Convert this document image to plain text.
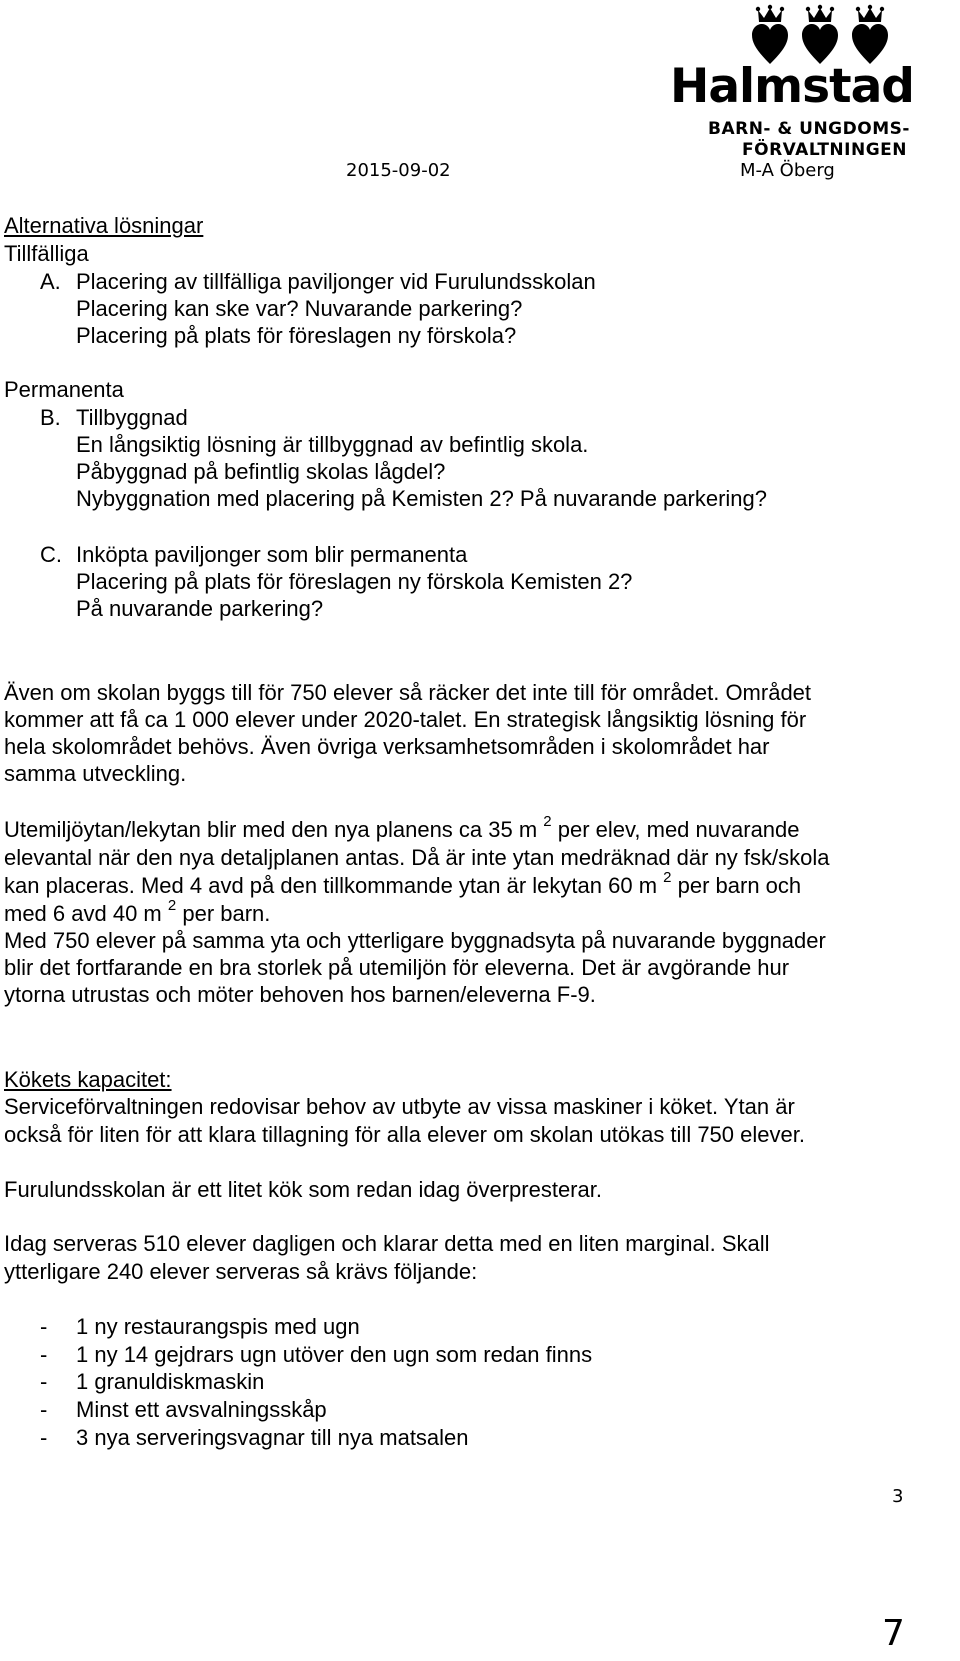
Halmstad
BARN- & UNGDOMS-
FÖRVALTNINGEN
2015-09-02	M-A Öberg
Alternativa lösningar
Tillfälliga
A. Placering av tillfälliga paviljonger vid Furulundsskolan
Placering kan ske var? Nuvarande parkering?
Placering på plats för föreslagen ny förskola?
Permanenta
B. Tillbyggnad
En långsiktig lösning är tillbyggnad av befintlig skola.
Påbyggnad på befintlig skolas lågdel?
Nybyggnation med placering på Kemisten 2? På nuvarande parkering?
C. Inköpta paviljonger som blir permanenta
Placering på plats för föreslagen ny förskola Kemisten 2?
På nuvarande parkering?
Även om skolan byggs till för 750 elever så räcker det inte till för området. Området
kommer att få ca 1 000 elever under 2020-talet. En strategisk långsiktig lösning för
hela skolområdet behövs. Även övriga verksamhetsområden i skolområdet har
samma utveckling.
Utemiljöytan/lekytan blir med den nya planens ca 35 m $^2$ per elev, med nuvarande
elevantal när den nya detaljplanen antas. Då är inte ytan medräknad där ny fsk/skola
kan placeras. Med 4 avd på den tillkommande ytan är lekytan 60 m $^2$ per barn och
med 6 avd 40 m $^2$ per barn.
Med 750 elever på samma yta och ytterligare byggnadsyta på nuvarande byggnader
blir det fortfarande en bra storlek på utemiljön för eleverna. Det är avgörande hur
ytorna utrustas och möter behoven hos barnen/eleverna F-9.
Kökets kapacitet:
Serviceförvaltningen redovisar behov av utbyte av vissa maskiner i köket. Ytan är
också för liten för att klara tillagning för alla elever om skolan utökas till 750 elever.
Furulundsskolan är ett litet kök som redan idag överpresterar.
Idag serveras 510 elever dagligen och klarar detta med en liten marginal. Skall
ytterligare 240 elever serveras så krävs följande:
- 1 ny restaurangspis med ugn
- 1 ny 14 gejdrars ugn utöver den ugn som redan finns
- 1 granuldiskmaskin
- Minst ett avsvalningsskåp
- 3 nya serveringsvagnar till nya matsalen
3
7
